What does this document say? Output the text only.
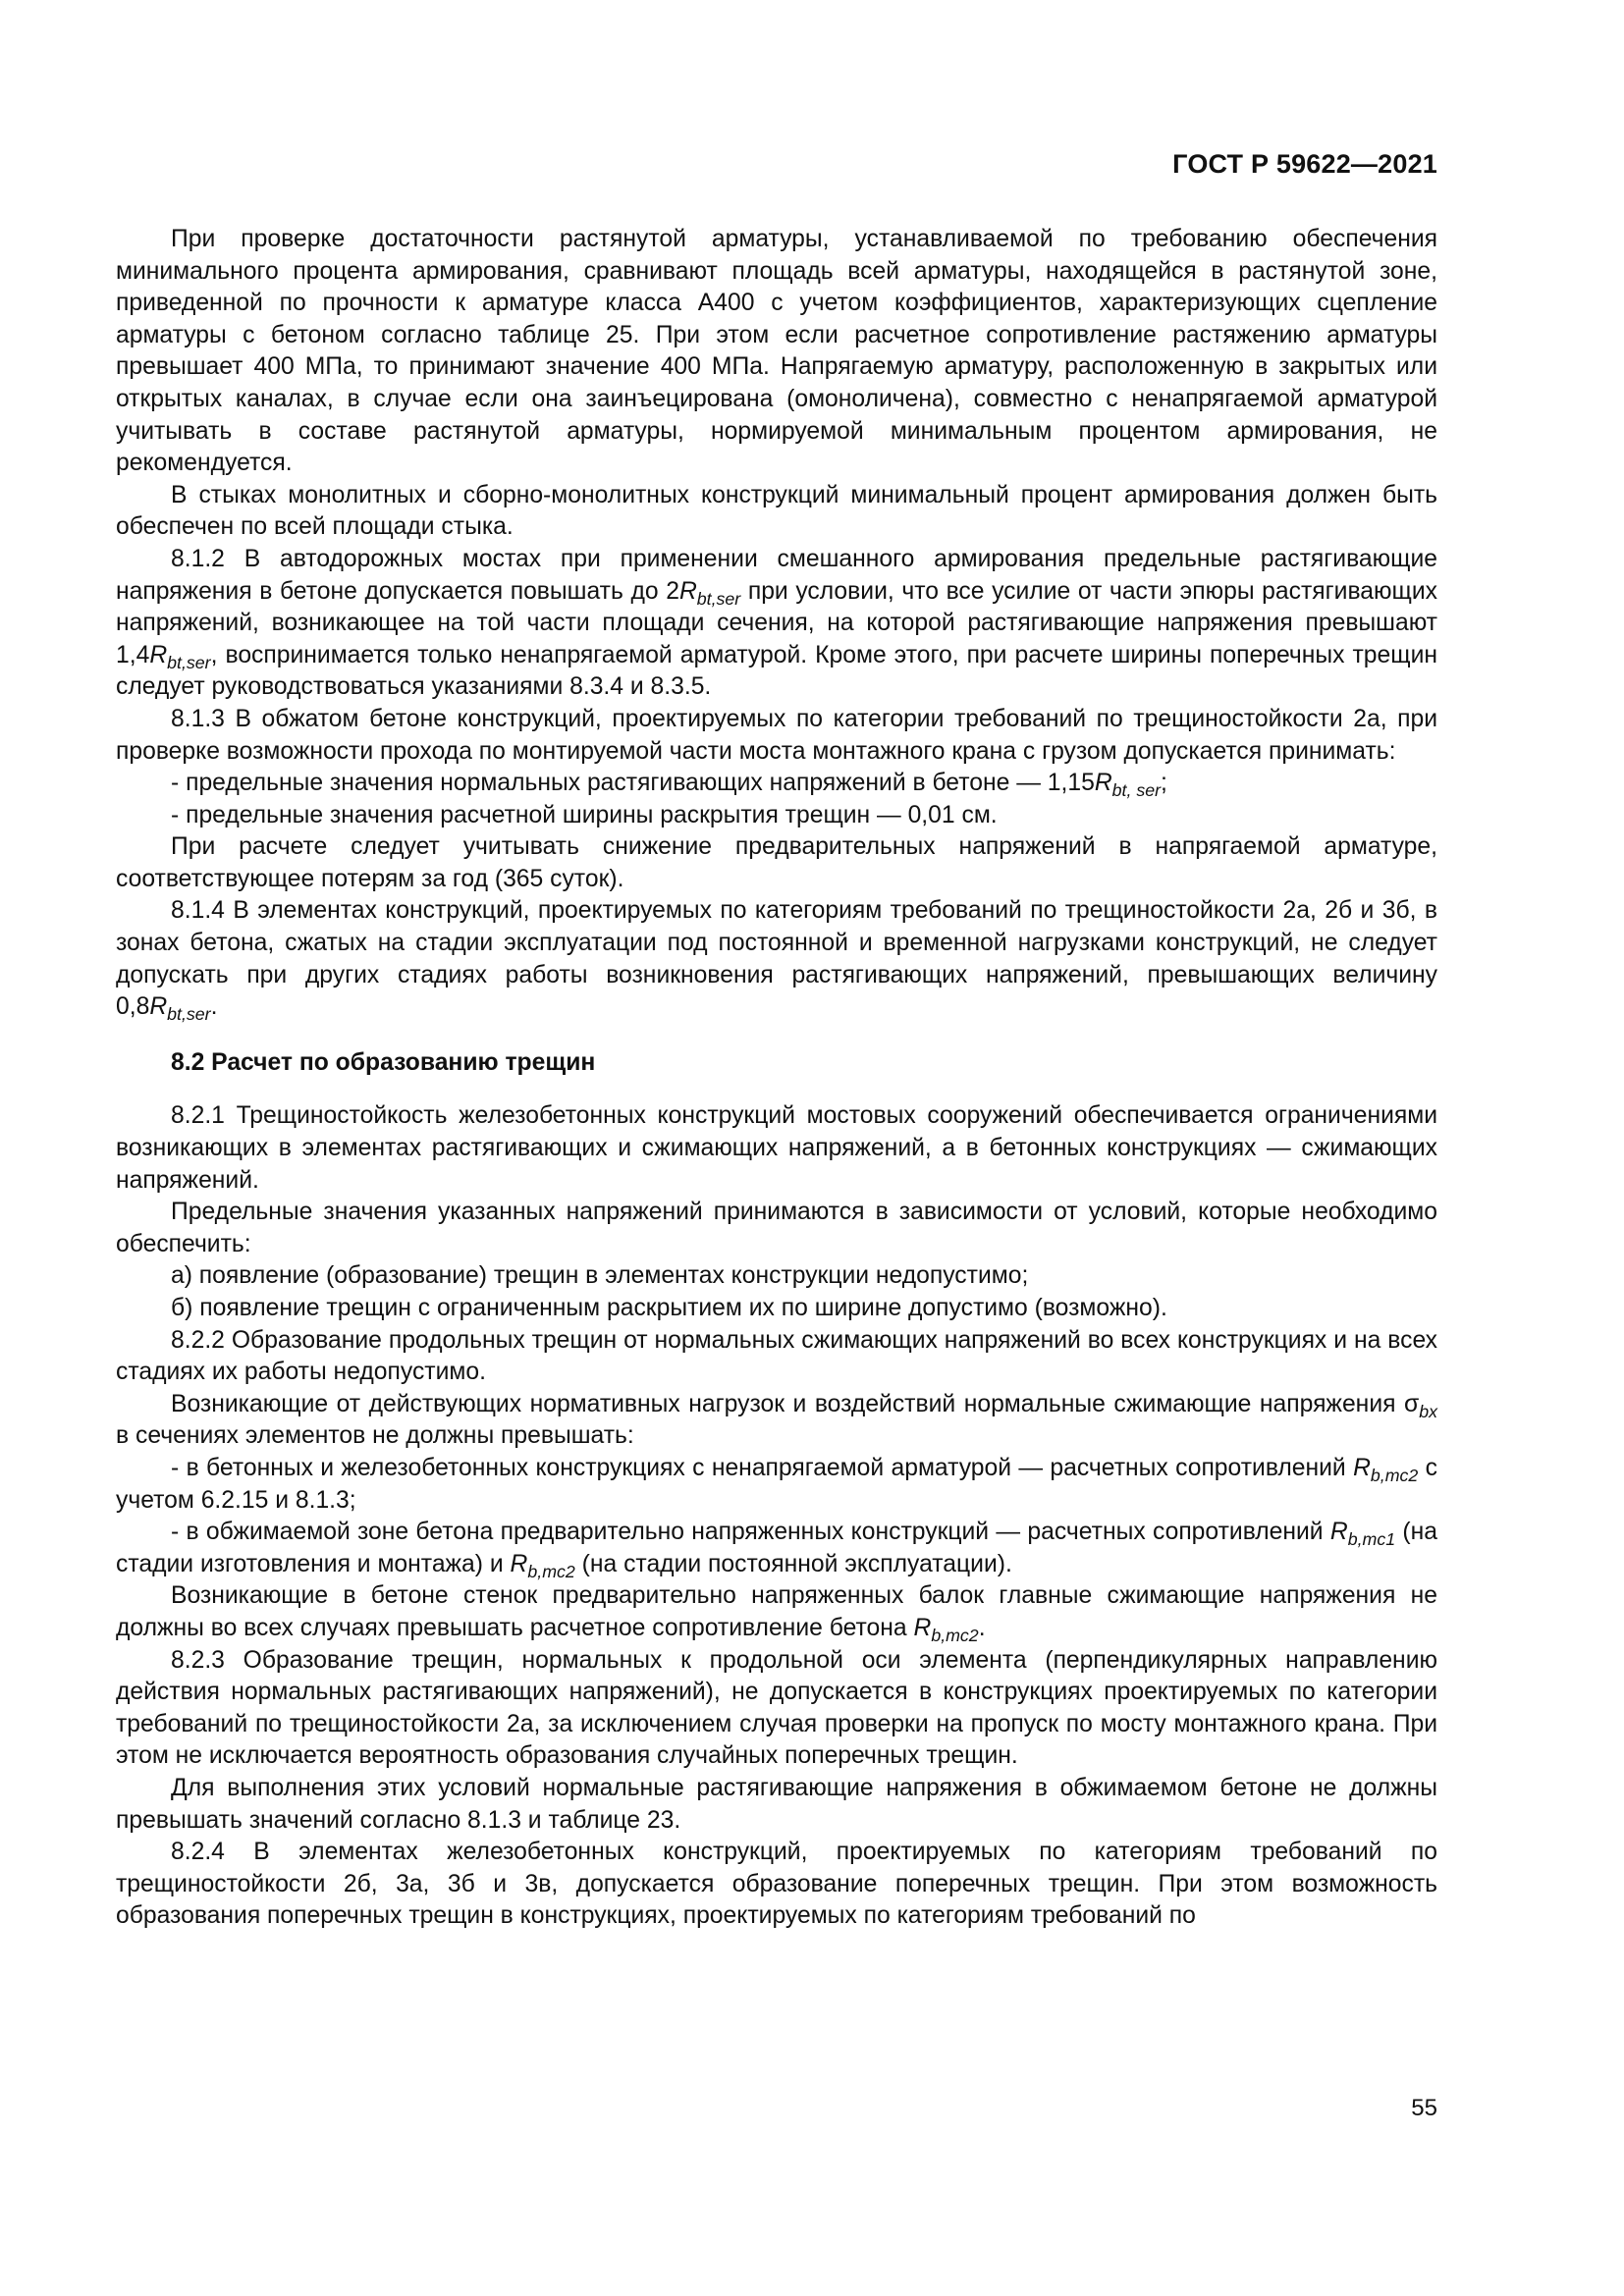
ГОСТ Р 59622—2021

При проверке достаточности растянутой арматуры, устанавливаемой по требованию обеспечения минимального процента армирования, сравнивают площадь всей арматуры, находящейся в растянутой зоне, приведенной по прочности к арматуре класса А400 с учетом коэффициентов, характеризующих сцепление арматуры с бетоном согласно таблице 25. При этом если расчетное сопротивление растяжению арматуры превышает 400 МПа, то принимают значение 400 МПа. Напрягаемую арматуру, расположенную в закрытых или открытых каналах, в случае если она заинъецирована (омоноличена), совместно с ненапрягаемой арматурой учитывать в составе растянутой арматуры, нормируемой минимальным процентом армирования, не рекомендуется.

В стыках монолитных и сборно-монолитных конструкций минимальный процент армирования должен быть обеспечен по всей площади стыка.

8.1.2 В автодорожных мостах при применении смешанного армирования предельные растягивающие напряжения в бетоне допускается повышать до $2R_{bt,ser}$ при условии, что все усилие от части эпюры растягивающих напряжений, возникающее на той части площади сечения, на которой растягивающие напряжения превышают $1,4R_{bt,ser}$, воспринимается только ненапрягаемой арматурой. Кроме этого, при расчете ширины поперечных трещин следует руководствоваться указаниями 8.3.4 и 8.3.5.

8.1.3 В обжатом бетоне конструкций, проектируемых по категории требований по трещиностойкости 2а, при проверке возможности прохода по монтируемой части моста монтажного крана с грузом допускается принимать:

- предельные значения нормальных растягивающих напряжений в бетоне — $1,15R_{bt, ser}$;

- предельные значения расчетной ширины раскрытия трещин — 0,01 см.

При расчете следует учитывать снижение предварительных напряжений в напрягаемой арматуре, соответствующее потерям за год (365 суток).

8.1.4 В элементах конструкций, проектируемых по категориям требований по трещиностойкости 2а, 2б и 3б, в зонах бетона, сжатых на стадии эксплуатации под постоянной и временной нагрузками конструкций, не следует допускать при других стадиях работы возникновения растягивающих напряжений, превышающих величину $0,8R_{bt,ser}$.

8.2 Расчет по образованию трещин

8.2.1 Трещиностойкость железобетонных конструкций мостовых сооружений обеспечивается ограничениями возникающих в элементах растягивающих и сжимающих напряжений, а в бетонных конструкциях — сжимающих напряжений.

Предельные значения указанных напряжений принимаются в зависимости от условий, которые необходимо обеспечить:

а) появление (образование) трещин в элементах конструкции недопустимо;

б) появление трещин с ограниченным раскрытием их по ширине допустимо (возможно).

8.2.2 Образование продольных трещин от нормальных сжимающих напряжений во всех конструкциях и на всех стадиях их работы недопустимо.

Возникающие от действующих нормативных нагрузок и воздействий нормальные сжимающие напряжения $\sigma_{bx}$ в сечениях элементов не должны превышать:

- в бетонных и железобетонных конструкциях с ненапрягаемой арматурой — расчетных сопротивлений $R_{b,mc2}$ с учетом 6.2.15 и 8.1.3;

- в обжимаемой зоне бетона предварительно напряженных конструкций — расчетных сопротивлений $R_{b,mc1}$ (на стадии изготовления и монтажа) и $R_{b,mc2}$ (на стадии постоянной эксплуатации).

Возникающие в бетоне стенок предварительно напряженных балок главные сжимающие напряжения не должны во всех случаях превышать расчетное сопротивление бетона $R_{b,mc2}$.

8.2.3 Образование трещин, нормальных к продольной оси элемента (перпендикулярных направлению действия нормальных растягивающих напряжений), не допускается в конструкциях проектируемых по категории требований по трещиностойкости 2а, за исключением случая проверки на пропуск по мосту монтажного крана. При этом не исключается вероятность образования случайных поперечных трещин.

Для выполнения этих условий нормальные растягивающие напряжения в обжимаемом бетоне не должны превышать значений согласно 8.1.3 и таблице 23.

8.2.4 В элементах железобетонных конструкций, проектируемых по категориям требований по трещиностойкости 2б, 3а, 3б и 3в, допускается образование поперечных трещин. При этом возможность образования поперечных трещин в конструкциях, проектируемых по категориям требований по

55
